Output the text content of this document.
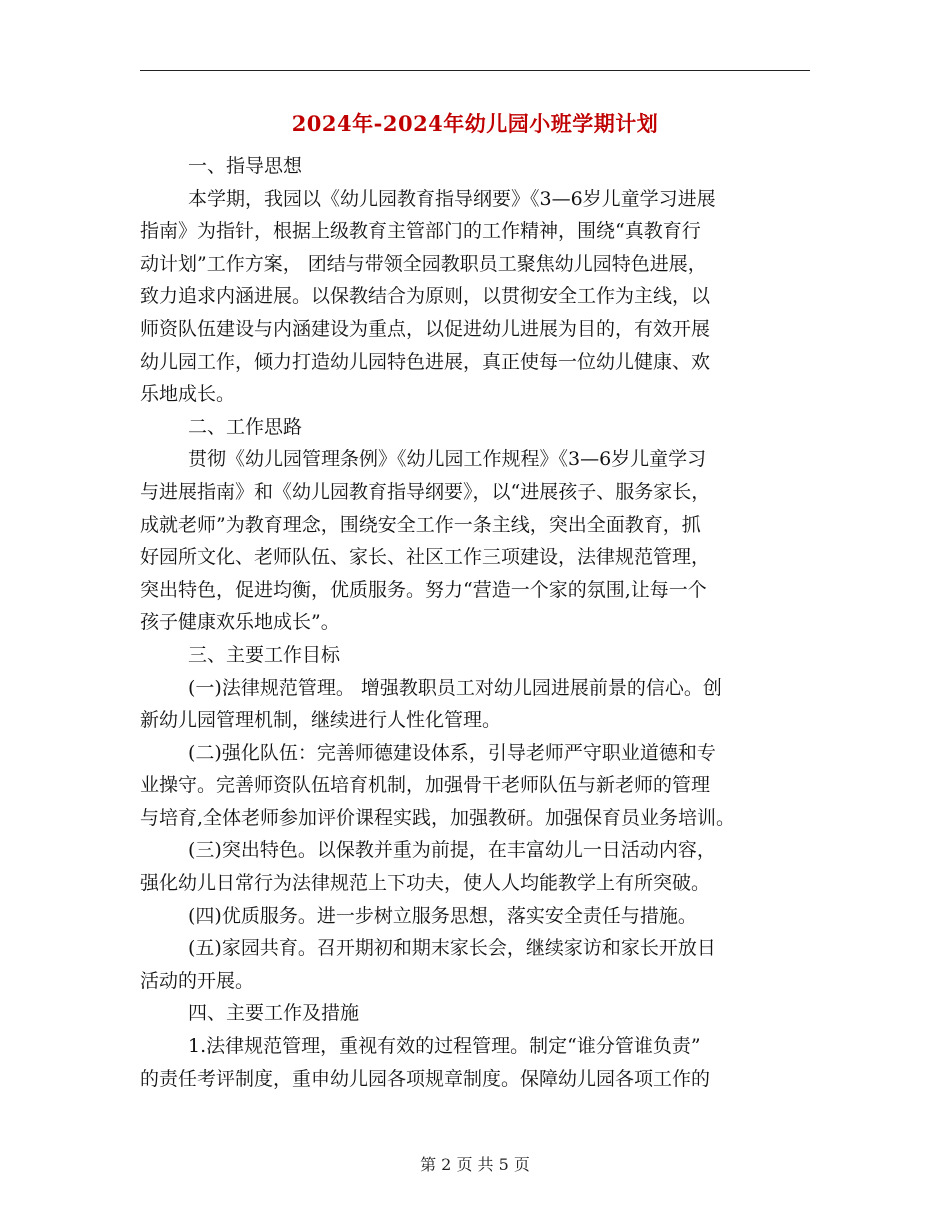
2024年-2024年幼儿园小班学期计划
一、指导思想
本学期，我园以《幼儿园教育指导纲要》《3—6岁儿童学习进展
指南》为指针，根据上级教育主管部门的工作精神，围绕“真教育行
动计划”工作方案， 团结与带领全园教职员工聚焦幼儿园特色进展，
致力追求内涵进展。以保教结合为原则，以贯彻安全工作为主线，以
师资队伍建设与内涵建设为重点，以促进幼儿进展为目的，有效开展
幼儿园工作，倾力打造幼儿园特色进展，真正使每一位幼儿健康、欢
乐地成长。
二、工作思路
贯彻《幼儿园管理条例》《幼儿园工作规程》《3—6岁儿童学习
与进展指南》和《幼儿园教育指导纲要》，以“进展孩子、服务家长，
成就老师”为教育理念，围绕安全工作一条主线，突出全面教育，抓
好园所文化、老师队伍、家长、社区工作三项建设，法律规范管理，
突出特色，促进均衡，优质服务。努力“营造一个家的氛围,让每一个
孩子健康欢乐地成长”。
三、主要工作目标
(一)法律规范管理。 增强教职员工对幼儿园进展前景的信心。创
新幼儿园管理机制，继续进行人性化管理。
(二)强化队伍：完善师德建设体系，引导老师严守职业道德和专
业操守。完善师资队伍培育机制，加强骨干老师队伍与新老师的管理
与培育,全体老师参加评价课程实践，加强教研。加强保育员业务培训。
(三)突出特色。以保教并重为前提，在丰富幼儿一日活动内容，
强化幼儿日常行为法律规范上下功夫，使人人均能教学上有所突破。
(四)优质服务。进一步树立服务思想，落实安全责任与措施。
(五)家园共育。召开期初和期末家长会，继续家访和家长开放日
活动的开展。
四、主要工作及措施
1.法律规范管理，重视有效的过程管理。制定“谁分管谁负责”
的责任考评制度，重申幼儿园各项规章制度。保障幼儿园各项工作的
第 2 页 共 5 页
